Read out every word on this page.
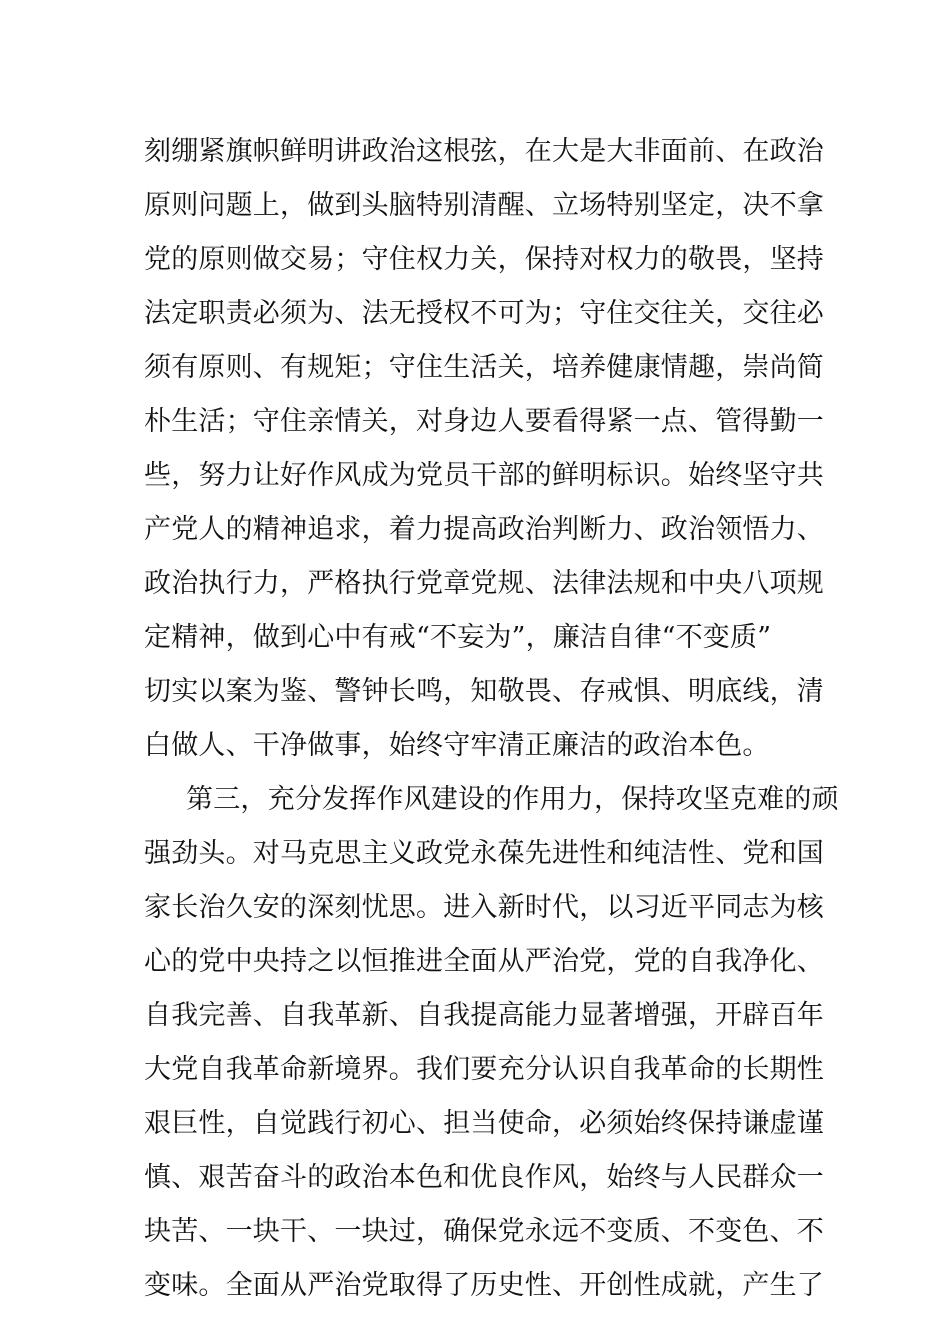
刻绷紧旗帜鲜明讲政治这根弦，在大是大非面前、在政治
原则问题上，做到头脑特别清醒、立场特别坚定，决不拿
党的原则做交易；守住权力关，保持对权力的敬畏，坚持
法定职责必须为、法无授权不可为；守住交往关，交往必
须有原则、有规矩；守住生活关，培养健康情趣，崇尚简
朴生活；守住亲情关，对身边人要看得紧一点、管得勤一
些，努力让好作风成为党员干部的鲜明标识。始终坚守共
产党人的精神追求，着力提高政治判断力、政治领悟力、
政治执行力，严格执行党章党规、法律法规和中央八项规
定精神，做到心中有戒“不妄为”，廉洁自律“不变质”
切实以案为鉴、警钟长鸣，知敬畏、存戒惧、明底线，清
白做人、干净做事，始终守牢清正廉洁的政治本色。
第三，充分发挥作风建设的作用力，保持攻坚克难的顽
强劲头。对马克思主义政党永葆先进性和纯洁性、党和国
家长治久安的深刻忧思。进入新时代，以习近平同志为核
心的党中央持之以恒推进全面从严治党，党的自我净化、
自我完善、自我革新、自我提高能力显著增强，开辟百年
大党自我革命新境界。我们要充分认识自我革命的长期性
艰巨性，自觉践行初心、担当使命，必须始终保持谦虚谨
慎、艰苦奋斗的政治本色和优良作风，始终与人民群众一
块苦、一块干、一块过，确保党永远不变质、不变色、不
变味。全面从严治党取得了历史性、开创性成就，产生了
